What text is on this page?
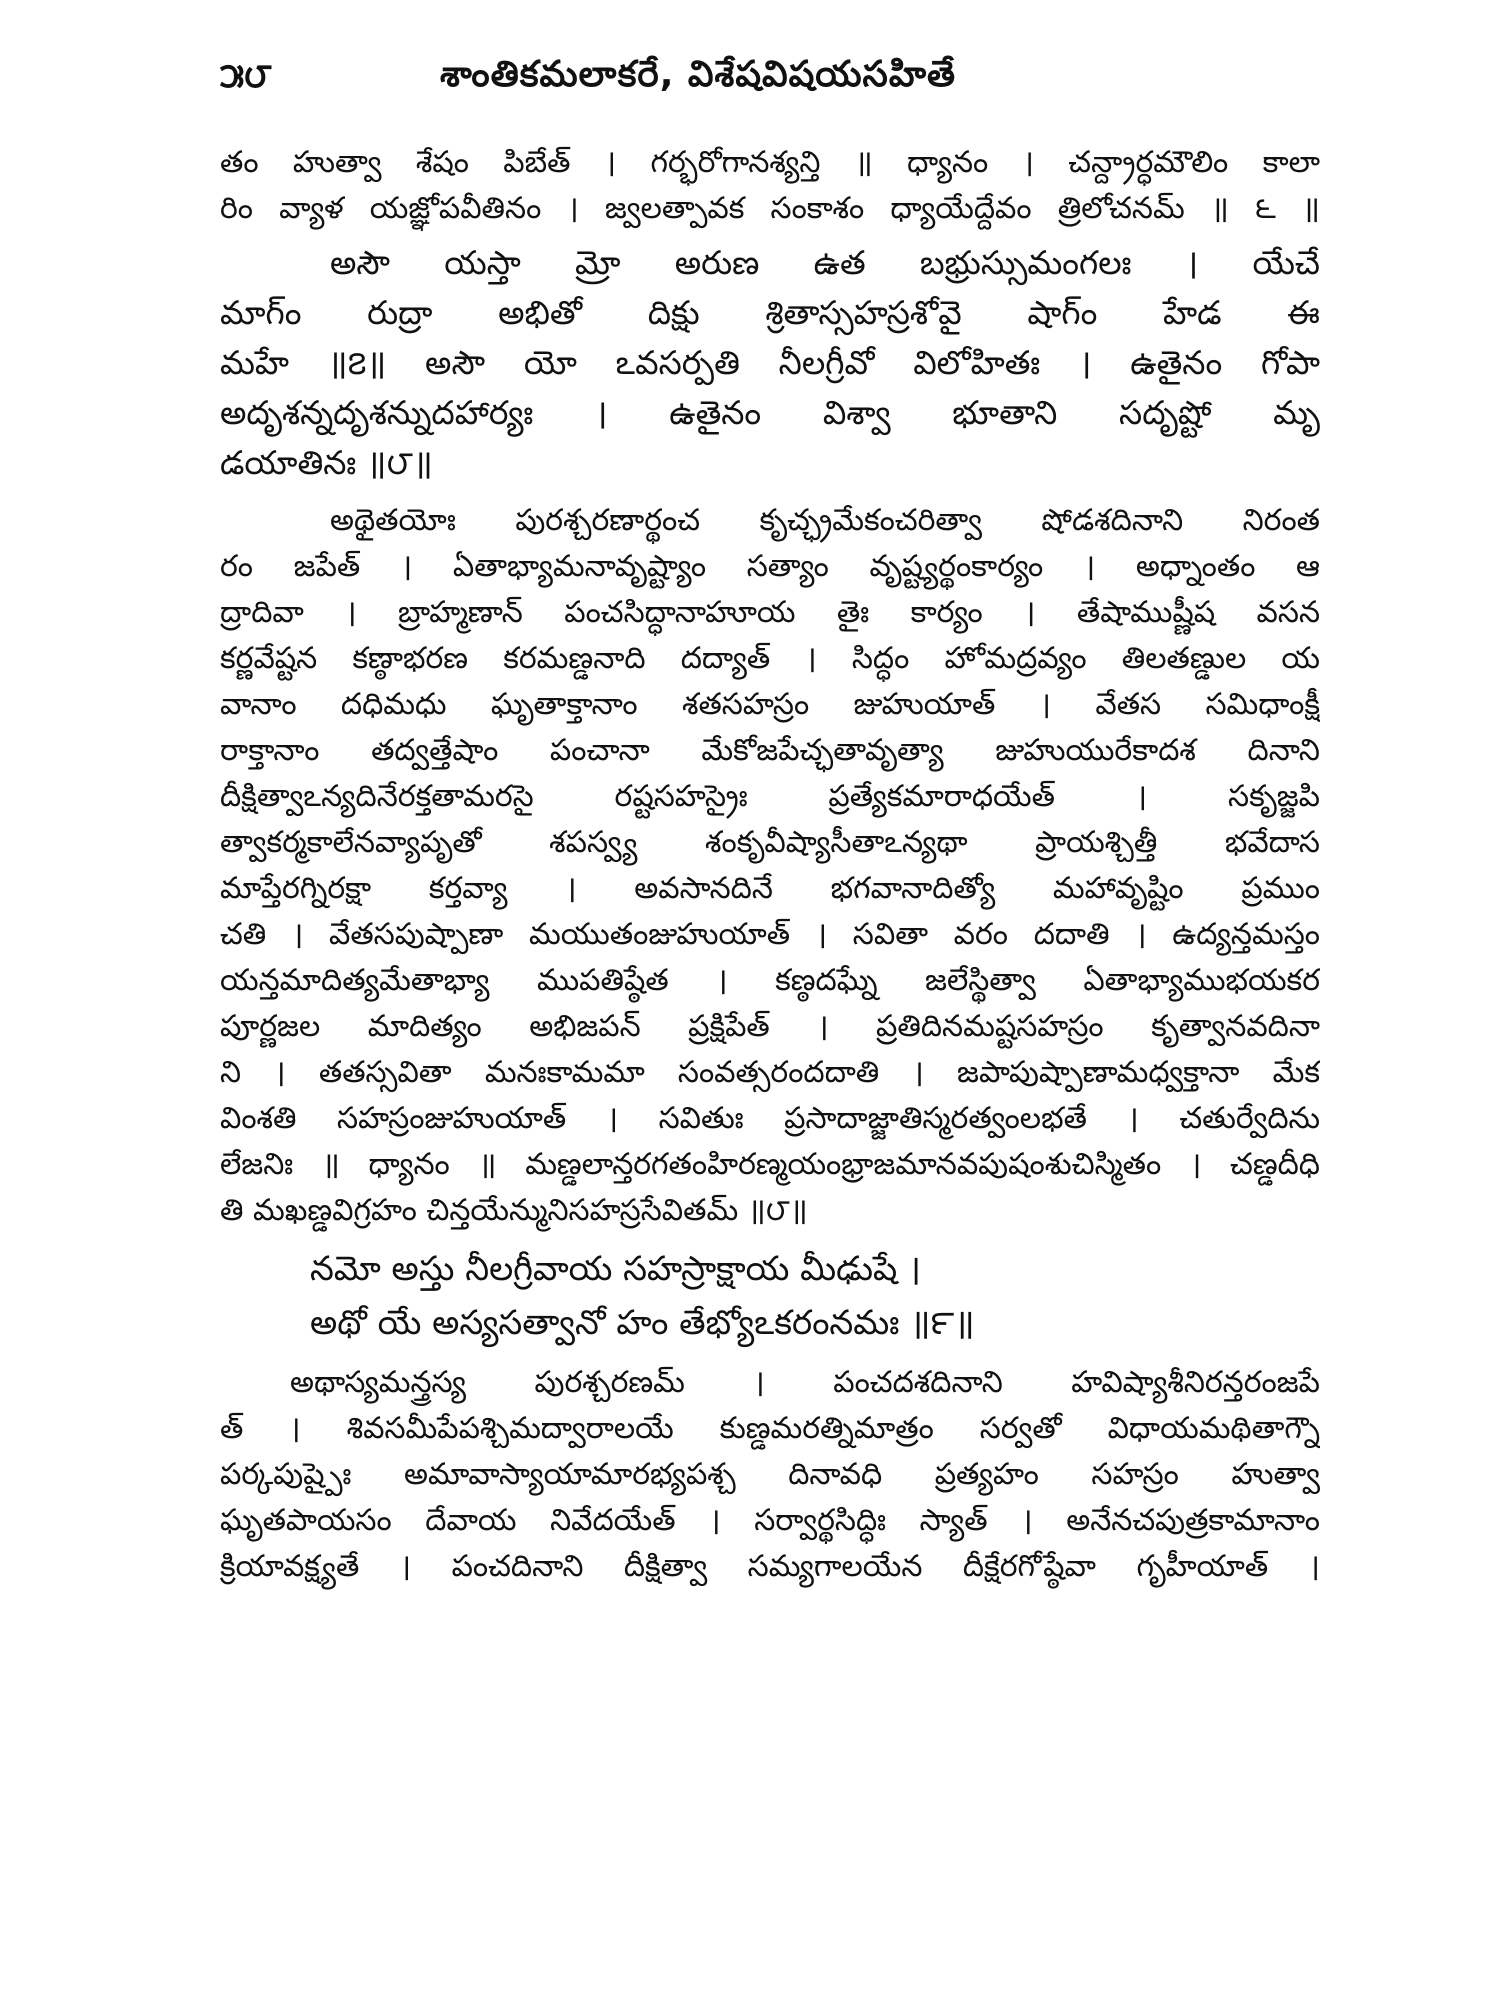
౫౮	శాంతికమలాకరే, విశేషవిషయసహితే
తం హుత్వా శేషం పిబేత్ । గర్భరోగానశ్యన్తి ॥ ధ్యానం । చన్ద్రార్ధమౌలిం కాలా
రిం వ్యాళ యజ్ఞోపవీతినం । జ్వలత్పావక సంకాశం ధ్యాయేద్దేవం త్రిలోచనమ్ ॥ ౬ ॥
అసౌ యస్తా మ్రో అరుణ ఉత బభ్రుస్సుమంగలః । యేచే
మాగ్ం రుద్రా అభితో దిక్షు శ్రితాస్సహస్రశోవై షాగ్ం హేడ ఈ
మహే ॥౭॥ అసౌ యో ఽవసర్పతి నీలగ్రీవో విలోహితః । ఉతైనం గోపా
అదృశన్నదృశన్నుదహార్యః । ఉతైనం విశ్వా భూతాని సదృష్టో మృ
డయాతినః ॥౮॥
అథైతయోః పురశ్చరణార్థంచ కృచ్ఛ్రమేకంచరిత్వా షోడశదినాని నిరంత
రం జపేత్ । ఏతాభ్యామనావృష్ట్యాం సత్యాం వృష్ట్యర్థంకార్యం । అధ్నాంతం ఆ
ద్రాదివా । బ్రాహ్మణాన్ పంచసిద్ధానాహూయ తైః కార్యం । తేషాముష్ణీష వసన
కర్ణవేష్టన కణ్ఠాభరణ కరమణ్డనాది దద్యాత్ । సిద్ధం హోమద్రవ్యం తిలతణ్డుల య
వానాం దధిమధు ఘృతాక్తానాం శతసహస్రం జుహుయాత్ । వేతస సమిధాంక్షీ
రాక్తానాం తద్వత్తేషాం పంచానా మేకోజపేచ్ఛతావృత్యా జుహుయురేకాదశ దినాని
దీక్షిత్వాఽన్యదినేరక్తతామరసై రష్టసహస్రైః ప్రత్యేకమారాధయేత్ । సకృజ్జపి
త్వాకర్మకాలేనవ్యాపృతో శపస్వ్య శంకృవీష్యాసీతాఽన్యథా ప్రాయశ్చిత్తీ భవేదాస
మాప్తేరగ్నిరక్షా కర్తవ్యా । అవసానదినే భగవానాదిత్యో మహావృష్టిం ప్రముం
చతి । వేతసపుష్పాణా మయుతంజుహుయాత్ । సవితా వరం దదాతి । ఉద్యన్తమస్తం
యన్తమాదిత్యమేతాభ్యా ముపతిష్ఠేత । కణ్ఠదఘ్నే జలేస్థిత్వా ఏతాభ్యాముభయకర
పూర్ణజల మాదిత్యం అభిజపన్ ప్రక్షిపేత్ । ప్రతిదినమష్టసహస్రం కృత్వానవదినా
ని । తతస్సవితా మనఃకామమా సంవత్సరందదాతి । జపాపుష్పాణామధ్వక్తానా మేక
వింశతి సహస్రంజుహుయాత్ । సవితుః ప్రసాదాజ్జాతిస్మరత్వంలభతే । చతుర్వేదిను
లేజనిః ॥ ధ్యానం ॥ మణ్డలాన్తరగతంహిరణ్మయంభ్రాజమానవపుషంశుచిస్మితం । చణ్డదీధి
తి మఖణ్డవిగ్రహం చిన్తయేన్మునిసహస్రసేవితమ్ ॥౮॥
నమో అస్తు నీలగ్రీవాయ సహస్రాక్షాయ మీఢుషే ।
అథో యే అస్యసత్వానో హం తేభ్యోఽకరంనమః ॥౯॥
అథాస్యమన్త్రస్య పురశ్చరణమ్ । పంచదశదినాని హవిష్యాశీనిరన్తరంజపే
త్ । శివసమీపేపశ్చిమద్వారాలయే కుణ్డమరత్నిమాత్రం సర్వతో విధాయమథితాగ్నౌ
పర్కపుష్పైః అమావాస్యాయామారభ్యపశ్చ దినావధి ప్రత్యహం సహస్రం హుత్వా
ఘృతపాయసం దేవాయ నివేదయేత్ । సర్వార్థసిద్ధిః స్యాత్ । అనేనచపుత్రకామానాం
క్రియావక్ష్యతే । పంచదినాని దీక్షిత్వా సమ్యగాలయేన దీక్షేరగోష్ఠేవా గృహీయాత్ ।
